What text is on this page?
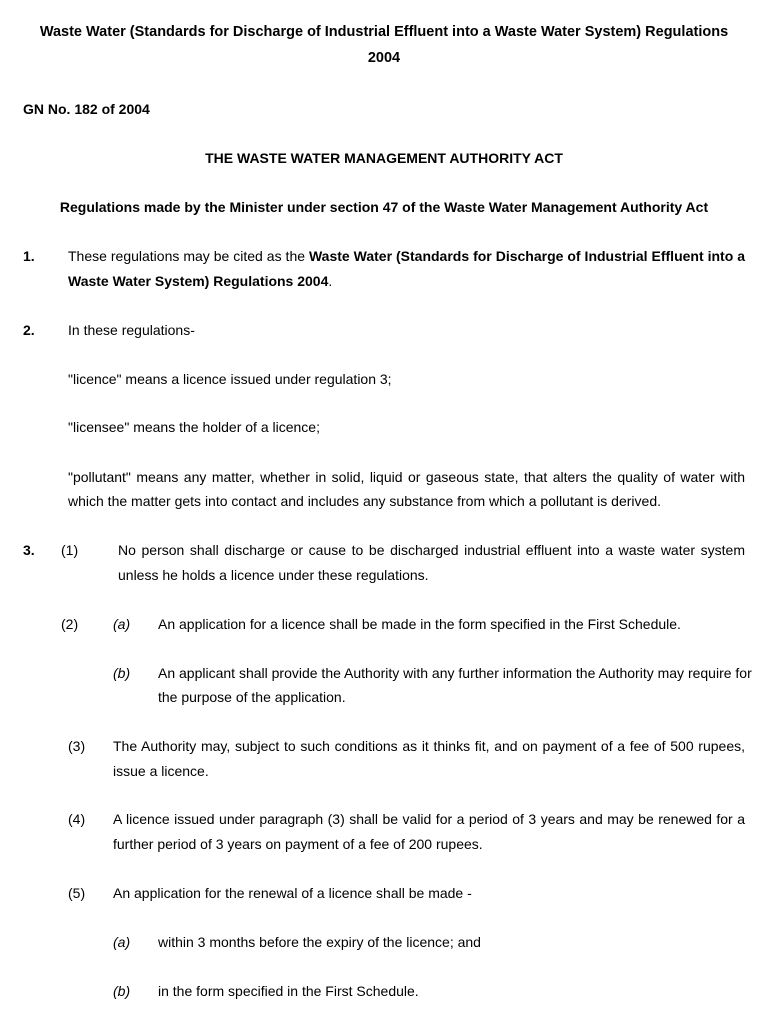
Waste Water (Standards for Discharge of Industrial Effluent into a Waste Water System) Regulations
2004
GN No. 182 of 2004
THE WASTE WATER MANAGEMENT AUTHORITY ACT
Regulations made by the Minister under section 47 of the Waste Water Management Authority Act
1. These regulations may be cited as the Waste Water (Standards for Discharge of Industrial Effluent into a
Waste Water System) Regulations 2004.
2. In these regulations-
"licence" means a licence issued under regulation 3;
"licensee" means the holder of a licence;
"pollutant" means any matter, whether in solid, liquid or gaseous state, that alters the quality of water with
which the matter gets into contact and includes any substance from which a pollutant is derived.
3. (1)	No person shall discharge or cause to be discharged industrial effluent into a waste water system
unless he holds a licence under these regulations.
(2) (a) An application for a licence shall be made in the form specified in the First Schedule.
(b) An applicant shall provide the Authority with any further information the Authority may require for
the purpose of the application.
(3) The Authority may, subject to such conditions as it thinks fit, and on payment of a fee of 500 rupees,
issue a licence.
(4) A licence issued under paragraph (3) shall be valid for a period of 3 years and may be renewed for a
further period of 3 years on payment of a fee of 200 rupees.
(5) An application for the renewal of a licence shall be made -
(a) within 3 months before the expiry of the licence; and
(b) in the form specified in the First Schedule.
